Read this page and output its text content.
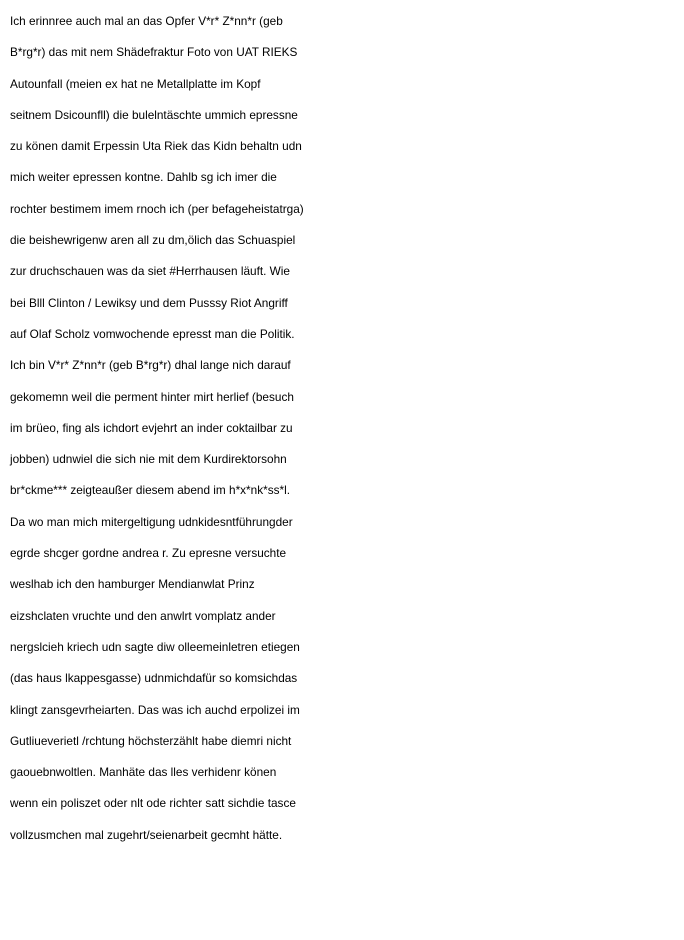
Ich erinnree auch mal an das Opfer V*r* Z*nn*r (geb
B*rg*r) das mit nem Shädefraktur Foto von UAT RIEKS
Autounfall (meien ex hat ne Metallplatte im Kopf
seitnem Dsicounfll) die bulelntäschte ummich epressne
zu könen damit Erpessin Uta Riek das Kidn behaltn udn
mich weiter epressen kontne. Dahlb sg ich imer die
rochter bestimem imem rnoch ich (per befageheistatrga)
die beishewrigenw aren all zu dm,ölich das Schuaspiel
zur druchschauen was da siet #Herrhausen läuft. Wie
bei Blll Clinton / Lewiksy und dem Pusssy Riot Angriff
auf Olaf Scholz vomwochende epresst man die Politik.
Ich bin V*r* Z*nn*r (geb B*rg*r) dhal lange nich darauf
gekomemn weil die perment hinter mirt herlief (besuch
im brüeo, fing als ichdort evjehrt an inder coktailbar zu
jobben) udnwiel die sich nie mit dem Kurdirektorsohn
br*ckme*** zeigteaußer diesem abend im h*x*nk*ss*l.
Da wo man mich mitergeltigung udnkidesntführungder
egrde shcger gordne andrea r. Zu epresne versuchte
weslhab ich den hamburger Mendianwlat Prinz
eizshclaten vruchte und den anwlrt vomplatz ander
nergslcieh kriech udn sagte diw olleemeinletren etiegen
(das haus lkappesgasse) udnmichdafür so komsichdas
klingt zansgevrheiarten. Das was ich auchd erpolizei im
Gutliueverietl /rchtung höchsterzählt habe diemri nicht
gaouebnwoltlen. Manhäte das lles verhidenr könen
wenn ein poliszet oder nlt ode richter satt sichdie tasce
vollzusmchen mal zugehrt/seienarbeit gecmht hätte.
